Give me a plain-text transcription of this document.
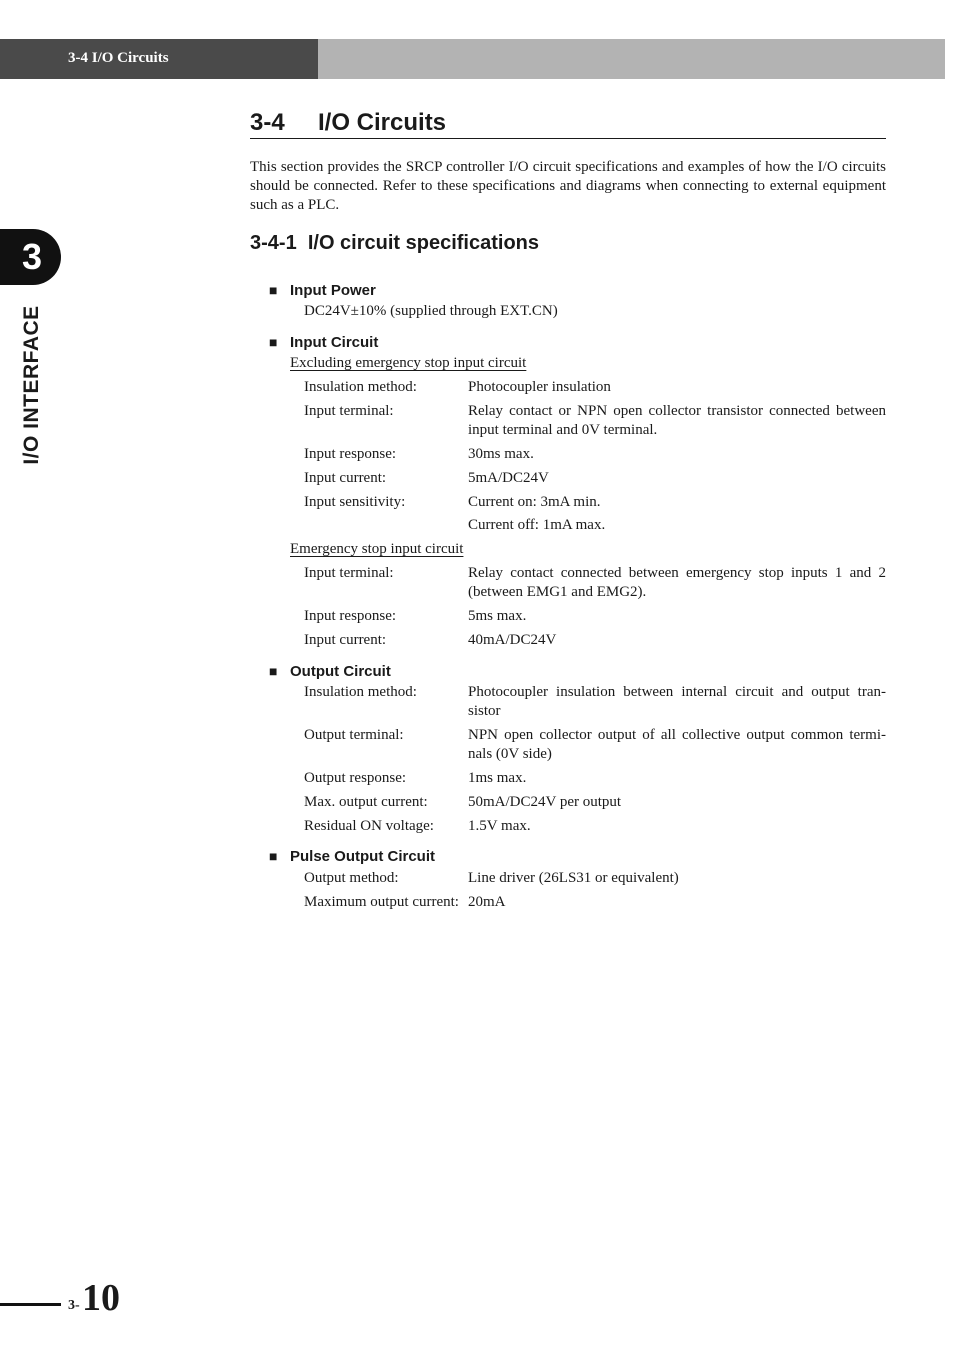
3-4 I/O Circuits
3
I/O INTERFACE
3-4 I/O Circuits
This section provides the SRCP controller I/O circuit specifications and examples of how the I/O circuits should be connected. Refer to these specifications and diagrams when connecting to external equipment such as a PLC.
3-4-1 I/O circuit specifications
■ Input Power
DC24V±10% (supplied through EXT.CN)
■ Input Circuit
Excluding emergency stop input circuit
Insulation method:	Photocoupler insulation
Input terminal:	Relay contact or NPN open collector transistor connected between input terminal and 0V terminal.
Input response:	30ms max.
Input current:	5mA/DC24V
Input sensitivity:	Current on: 3mA min.
Current off: 1mA max.
Emergency stop input circuit
Input terminal:	Relay contact connected between emergency stop inputs 1 and 2 (between EMG1 and EMG2).
Input response:	5ms max.
Input current:	40mA/DC24V
■ Output Circuit
Insulation method:	Photocoupler insulation between internal circuit and output tran-sistor
Output terminal:	NPN open collector output of all collective output common termi-nals (0V side)
Output response:	1ms max.
Max. output current:	50mA/DC24V per output
Residual ON voltage: 1.5V max.
■ Pulse Output Circuit
Output method:	Line driver (26LS31 or equivalent)
Maximum output current: 20mA
3- 10
